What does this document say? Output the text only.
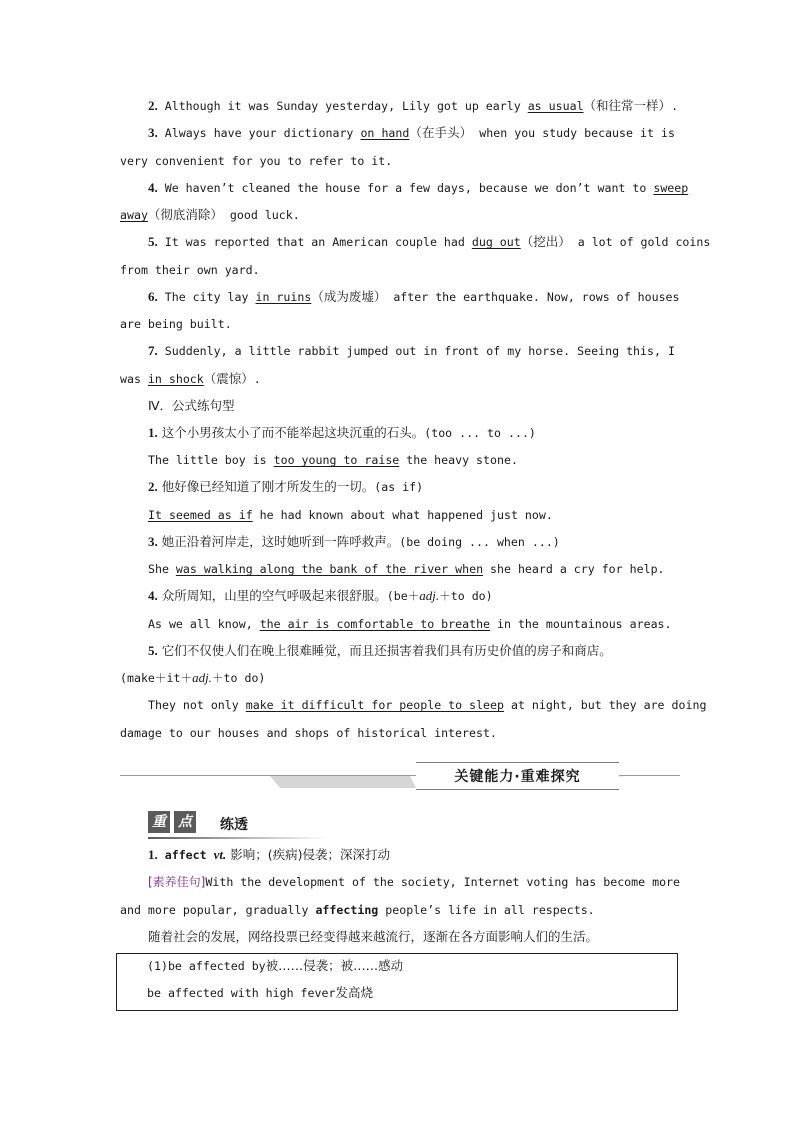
2. Although it was Sunday yesterday, Lily got up early as usual（和往常一样）.
3. Always have your dictionary on hand（在手头） when you study because it is
very convenient for you to refer to it.
4. We haven’t cleaned the house for a few days, because we don’t want to sweep
away（彻底消除） good luck.
5. It was reported that an American couple had dug out（挖出） a lot of gold coins
from their own yard.
6. The city lay in ruins（成为废墟） after the earthquake. Now, rows of houses
are being built.
7. Suddenly, a little rabbit jumped out in front of my horse. Seeing this, I
was in shock（震惊）.
Ⅳ．公式练句型
1. 这个小男孩太小了而不能举起这块沉重的石头。(too ... to ...)
The little boy is too young to raise the heavy stone.
2. 他好像已经知道了刚才所发生的一切。(as if)
It seemed as if he had known about what happened just now.
3. 她正沿着河岸走，这时她听到一阵呼救声。(be doing ... when ...)
She was walking along the bank of the river when she heard a cry for help.
4. 众所周知，山里的空气呼吸起来很舒服。(be＋adj.＋to do)
As we all know, the air is comfortable to breathe in the mountainous areas.
5. 它们不仅使人们在晚上很难睡觉，而且还损害着我们具有历史价值的房子和商店。
(make＋it＋adj.＋to do)
They not only make it difficult for people to sleep at night, but they are doing
damage to our houses and shops of historical interest.
关键能力·重难探究
重 点 练透
1. affect vt. 影响；(疾病)侵袭；深深打动
[素养佳句]With the development of the society, Internet voting has become more
and more popular, gradually affecting people’s life in all respects.
随着社会的发展，网络投票已经变得越来越流行，逐渐在各方面影响人们的生活。
(1)be affected by被……侵袭；被……感动
be affected with high fever发高烧
